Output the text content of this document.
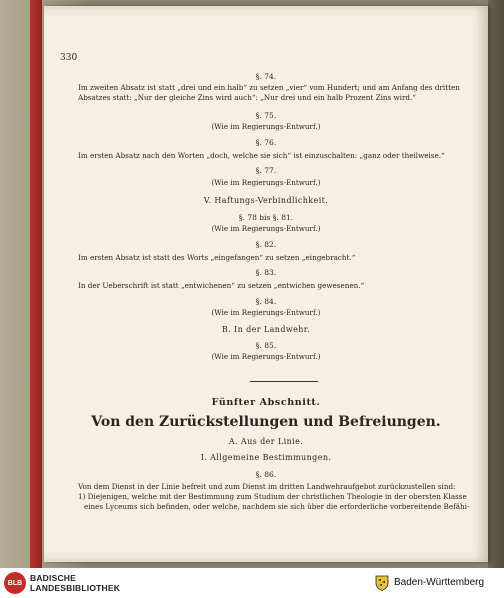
330
§. 74.
Im zweiten Absatz ist statt „drei und ein halb“ zu setzen „vier“ vom Hundert; und am Anfang des dritten
Absatzes statt: „Nur der gleiche Zins wird auch“: „Nur drei und ein halb Prozent Zins wird.“
§. 75.
(Wie im Regierungs-Entwurf.)
§. 76.
Im ersten Absatz nach den Worten „doch, welche sie sich“ ist einzuschalten: „ganz oder theilweise.“
§. 77.
(Wie im Regierungs-Entwurf.)
V. Haftungs-Verbindlichkeit.
§. 78 bis §. 81.
(Wie im Regierungs-Entwurf.)
§. 82.
Im ersten Absatz ist statt des Worts „eingefangen“ zu setzen „eingebracht.“
§. 83.
In der Ueberschrift ist statt „entwichenen“ zu setzen „entwichen gewesenen.“
§. 84.
(Wie im Regierungs-Entwurf.)
B. In der Landwehr.
§. 85.
(Wie im Regierungs-Entwurf.)
Fünfter Abschnitt.
Von den Zurückstellungen und Befreiungen.
A. Aus der Linie.
I. Allgemeine Bestimmungen.
§. 86.
Von dem Dienst in der Linie befreit und zum Dienst im dritten Landwehraufgebot zurückzustellen sind:
1) Diejenigen, welche mit der Bestimmung zum Studium der christlichen Theologie in der obersten Klasse
eines Lyceums sich befinden, oder welche, nachdem sie sich über die erforderliche vorbereitende Befähi-
BLB BADISCHE
LANDESBIBLIOTHEK	Baden-Württemberg
